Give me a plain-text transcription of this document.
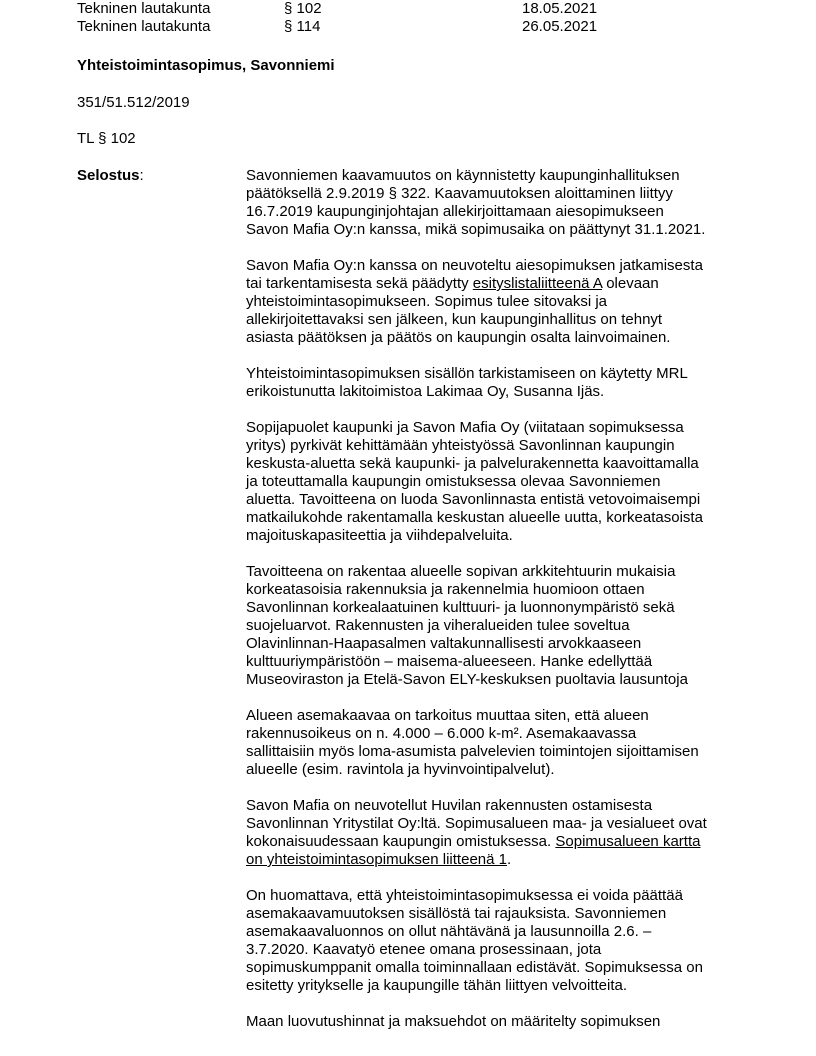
Tekninen lautakunta	§ 102	18.05.2021
Tekninen lautakunta	§ 114	26.05.2021
Yhteistoimintasopimus, Savonniemi
351/51.512/2019
TL § 102
Selostus:	Savonniemen kaavamuutos on käynnistetty kaupunginhallituksen
päätöksellä 2.9.2019 § 322. Kaavamuutoksen aloittaminen liittyy
16.7.2019 kaupunginjohtajan allekirjoittamaan aiesopimukseen
Savon Mafia Oy:n kanssa, mikä sopimusaika on päättynyt 31.1.2021.
Savon Mafia Oy:n kanssa on neuvoteltu aiesopimuksen jatkamisesta
tai tarkentamisesta sekä päädytty esityslistaliitteenä A olevaan
yhteistoimintasopimukseen. Sopimus tulee sitovaksi ja
allekirjoitettavaksi sen jälkeen, kun kaupunginhallitus on tehnyt
asiasta päätöksen ja päätös on kaupungin osalta lainvoimainen.
Yhteistoimintasopimuksen sisällön tarkistamiseen on käytetty MRL
erikoistunutta lakitoimistoa Lakimaa Oy, Susanna Ijäs.
Sopijapuolet kaupunki ja Savon Mafia Oy (viitataan sopimuksessa
yritys) pyrkivät kehittämään yhteistyössä Savonlinnan kaupungin
keskusta-aluetta sekä kaupunki- ja palvelurakennetta kaavoittamalla
ja toteuttamalla kaupungin omistuksessa olevaa Savonniemen
aluetta. Tavoitteena on luoda Savonlinnasta entistä vetovoimaisempi
matkailukohde rakentamalla keskustan alueelle uutta, korkeatasoista
majoituskapasiteettia ja viihdepalveluita.
Tavoitteena on rakentaa alueelle sopivan arkkitehtuurin mukaisia
korkeatasoisia rakennuksia ja rakennelmia huomioon ottaen
Savonlinnan korkealaatuinen kulttuuri- ja luonnonympäristö sekä
suojeluarvot. Rakennusten ja viheralueiden tulee soveltua
Olavinlinnan-Haapasalmen valtakunnallisesti arvokkaaseen
kulttuuriympäristöön – maisema-alueeseen. Hanke edellyttää
Museoviraston ja Etelä-Savon ELY-keskuksen puoltavia lausuntoja
Alueen asemakaavaa on tarkoitus muuttaa siten, että alueen
rakennusoikeus on n. 4.000 – 6.000 k-m². Asemakaavassa
sallittaisiin myös loma-asumista palvelevien toimintojen sijoittamisen
alueelle (esim. ravintola ja hyvinvointipalvelut).
Savon Mafia on neuvotellut Huvilan rakennusten ostamisesta
Savonlinnan Yritystilat Oy:ltä. Sopimusalueen maa- ja vesialueet ovat
kokonaisuudessaan kaupungin omistuksessa. Sopimusalueen kartta
on yhteistoimintasopimuksen liitteenä 1.
On huomattava, että yhteistoimintasopimuksessa ei voida päättää
asemakaavamuutoksen sisällöstä tai rajauksista. Savonniemen
asemakaavaluonnos on ollut nähtävänä ja lausunnoilla 2.6. –
3.7.2020. Kaavatyö etenee omana prosessinaan, jota
sopimuskumppanit omalla toiminnallaan edistävät. Sopimuksessa on
esitetty yritykselle ja kaupungille tähän liittyen velvoitteita.
Maan luovutushinnat ja maksuehdot on määritelty sopimuksen
